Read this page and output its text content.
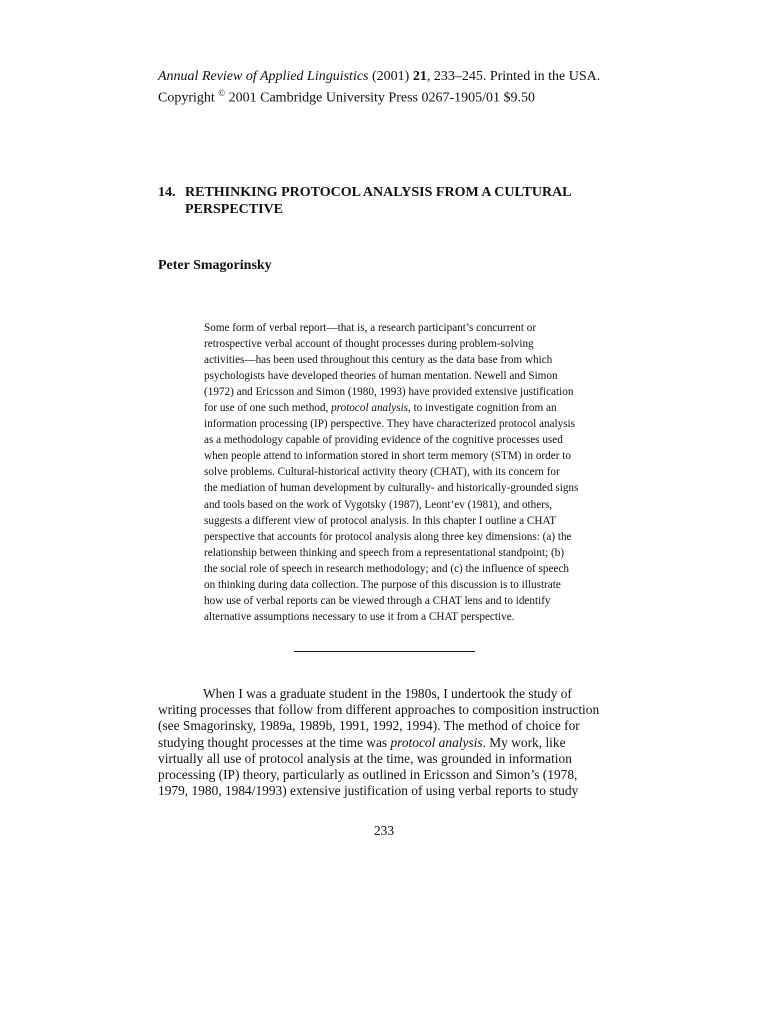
Annual Review of Applied Linguistics (2001) 21, 233–245. Printed in the USA.
Copyright © 2001 Cambridge University Press 0267-1905/01 $9.50
14. RETHINKING PROTOCOL ANALYSIS FROM A CULTURAL
PERSPECTIVE
Peter Smagorinsky
Some form of verbal report—that is, a research participant’s concurrent or
retrospective verbal account of thought processes during problem-solving
activities—has been used throughout this century as the data base from which
psychologists have developed theories of human mentation. Newell and Simon
(1972) and Ericsson and Simon (1980, 1993) have provided extensive justification
for use of one such method, protocol analysis, to investigate cognition from an
information processing (IP) perspective. They have characterized protocol analysis
as a methodology capable of providing evidence of the cognitive processes used
when people attend to information stored in short term memory (STM) in order to
solve problems. Cultural-historical activity theory (CHAT), with its concern for
the mediation of human development by culturally- and historically-grounded signs
and tools based on the work of Vygotsky (1987), Leont’ev (1981), and others,
suggests a different view of protocol analysis. In this chapter I outline a CHAT
perspective that accounts for protocol analysis along three key dimensions: (a) the
relationship between thinking and speech from a representational standpoint; (b)
the social role of speech in research methodology; and (c) the influence of speech
on thinking during data collection. The purpose of this discussion is to illustrate
how use of verbal reports can be viewed through a CHAT lens and to identify
alternative assumptions necessary to use it from a CHAT perspective.
When I was a graduate student in the 1980s, I undertook the study of
writing processes that follow from different approaches to composition instruction
(see Smagorinsky, 1989a, 1989b, 1991, 1992, 1994). The method of choice for
studying thought processes at the time was protocol analysis. My work, like
virtually all use of protocol analysis at the time, was grounded in information
processing (IP) theory, particularly as outlined in Ericsson and Simon’s (1978,
1979, 1980, 1984/1993) extensive justification of using verbal reports to study
233
